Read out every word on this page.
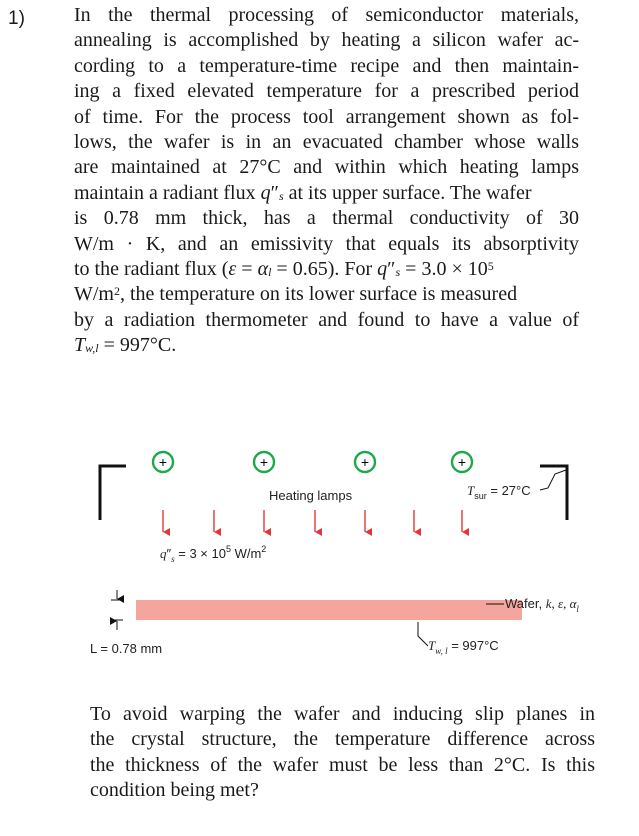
1) In the thermal processing of semiconductor materials,
annealing is accomplished by heating a silicon wafer ac-
cording to a temperature-time recipe and then maintain-
ing a fixed elevated temperature for a prescribed period
of time. For the process tool arrangement shown as fol-
lows, the wafer is in an evacuated chamber whose walls
are maintained at 27°C and within which heating lamps
maintain a radiant flux $q''_s$ at its upper surface. The wafer
is 0.78 mm thick, has a thermal conductivity of 30
W/m · K, and an emissivity that equals its absorptivity
to the radiant flux $(\varepsilon = \alpha_l = 0.65)$. For $q''_s = 3.0 \times 10^5$
$W/m^2$, the temperature on its lower surface is measured
by a radiation thermometer and found to have a value of
$T_{w,l} = 997^\circ C$.
+	+	+	+
Heating lamps	$T_{sur} = 27^\circ C$
$q''_s = 3 \times 10^5$ $W/m^2$
Wafer, k, ε, $\alpha_l$
L = 0.78 mm	$T_{w, l} = 997^\circ C$
To avoid warping the wafer and inducing slip planes in
the crystal structure, the temperature difference across
the thickness of the wafer must be less than 2°C. Is this
condition being met?
